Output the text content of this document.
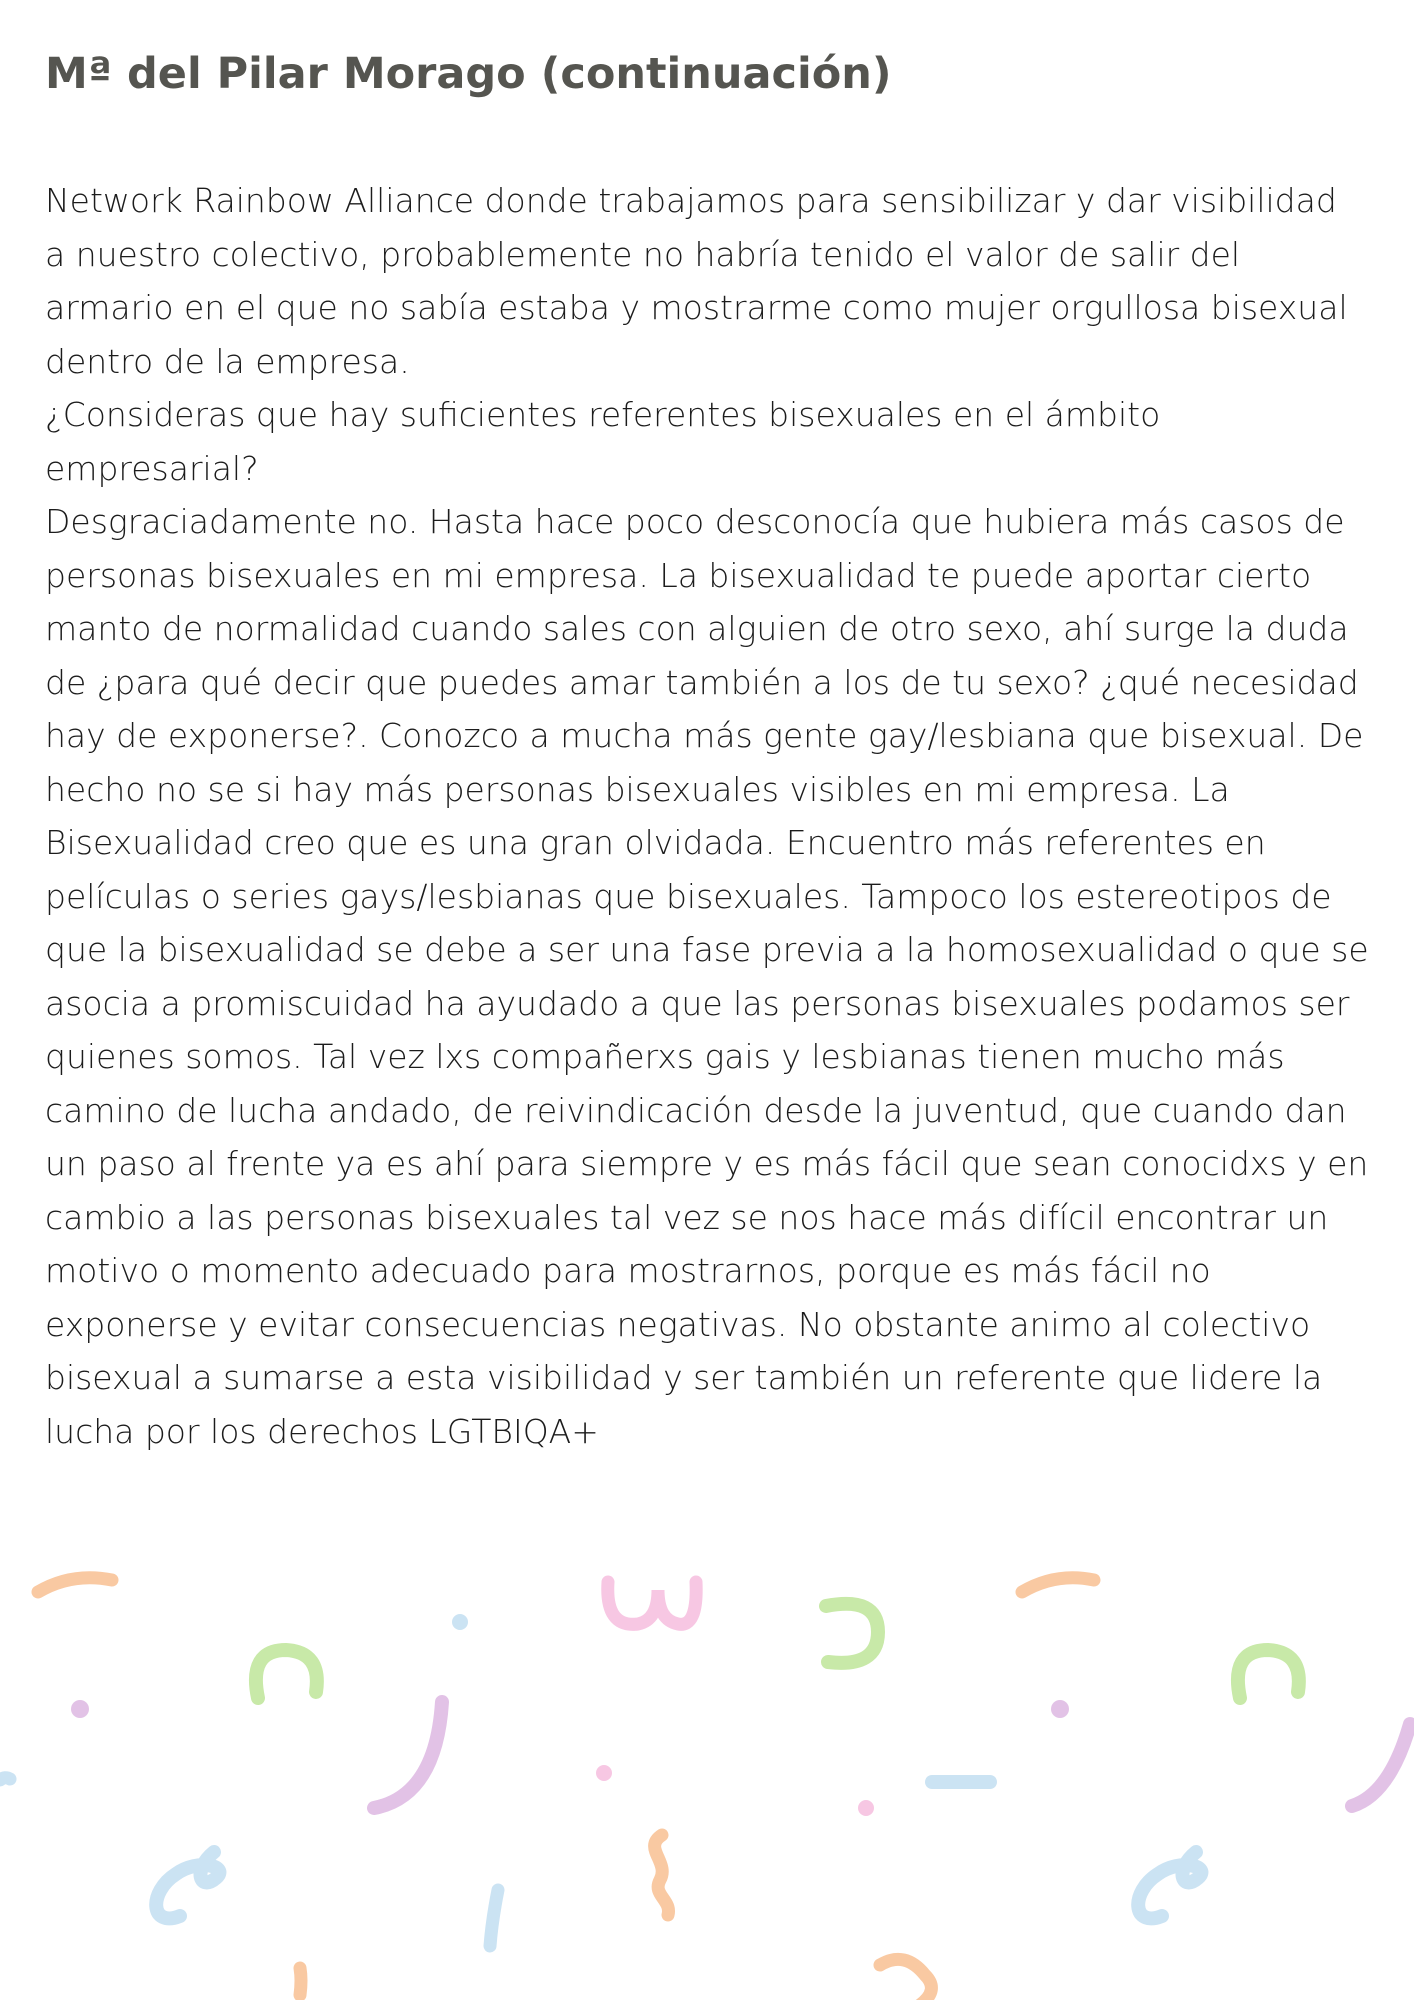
Mª del Pilar Morago (continuación)

Network Rainbow Alliance donde trabajamos para sensibilizar y dar visibilidad a nuestro colectivo, probablemente no habría tenido el valor de salir del armario en el que no sabía estaba y mostrarme como mujer orgullosa bisexual dentro de la empresa.

¿Consideras que hay suficientes referentes bisexuales en el ámbito empresarial?

Desgraciadamente no. Hasta hace poco desconocía que hubiera más casos de personas bisexuales en mi empresa. La bisexualidad te puede aportar cierto manto de normalidad cuando sales con alguien de otro sexo, ahí surge la duda de ¿para qué decir que puedes amar también a los de tu sexo? ¿qué necesidad hay de exponerse?. Conozco a mucha más gente gay/lesbiana que bisexual. De hecho no se si hay más personas bisexuales visibles en mi empresa. La Bisexualidad creo que es una gran olvidada. Encuentro más referentes en películas o series gays/lesbianas que bisexuales. Tampoco los estereotipos de que la bisexualidad se debe a ser una fase previa a la homosexualidad o que se asocia a promiscuidad ha ayudado a que las personas bisexuales podamos ser quienes somos. Tal vez lxs compañerxs gais y lesbianas tienen mucho más camino de lucha andado, de reivindicación desde la juventud, que cuando dan un paso al frente ya es ahí para siempre y es más fácil que sean conocidxs y en cambio a las personas bisexuales tal vez se nos hace más difícil encontrar un motivo o momento adecuado para mostrarnos, porque es más fácil no exponerse y evitar consecuencias negativas. No obstante animo al colectivo bisexual a sumarse a esta visibilidad y ser también un referente que lidere la lucha por los derechos LGTBIQA+
